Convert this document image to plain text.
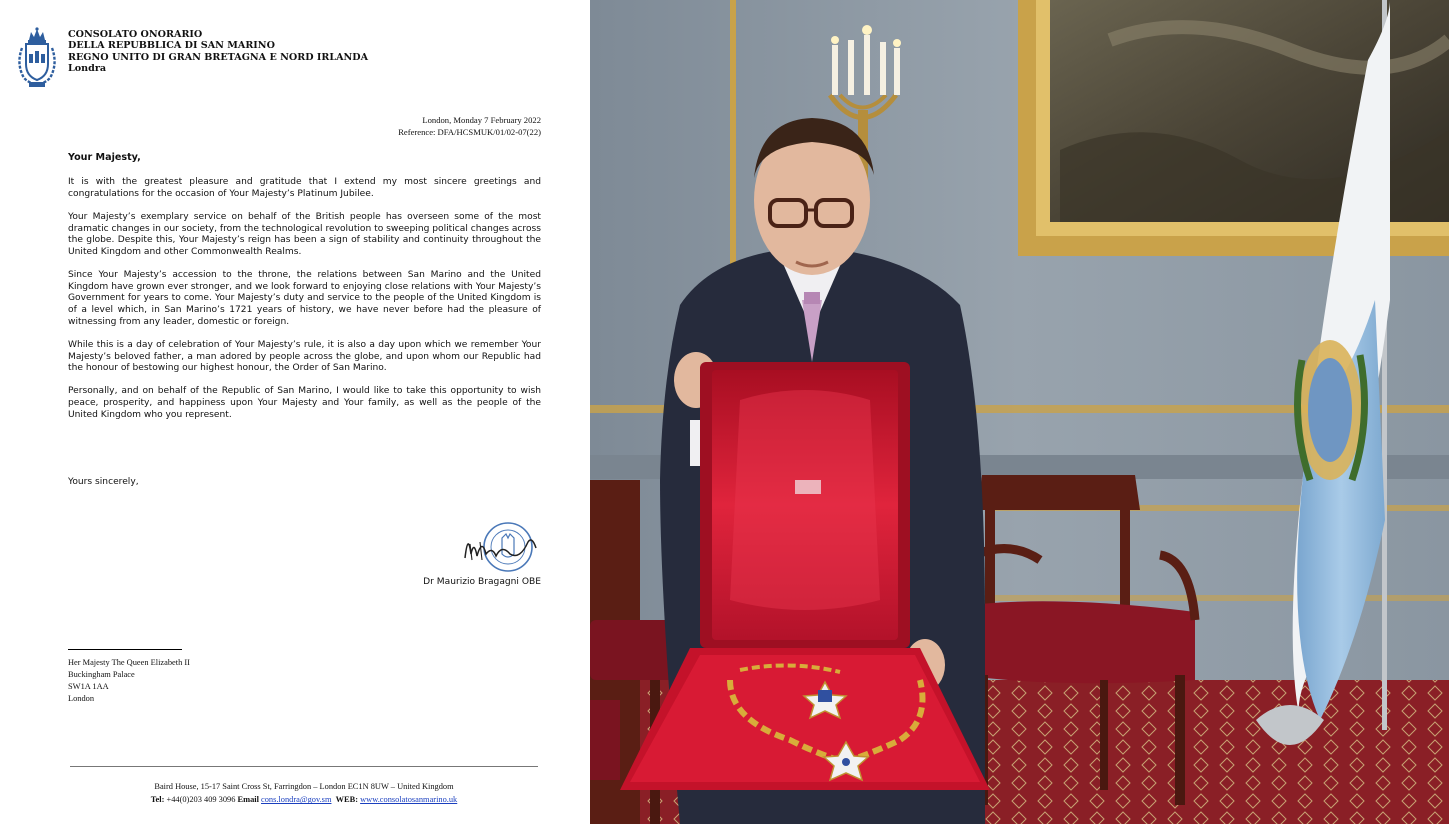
CONSOLATO ONORARIO
DELLA REPUBBLICA DI SAN MARINO
REGNO UNITO DI GRAN BRETAGNA E NORD IRLANDA
Londra
London, Monday 7 February 2022
Reference: DFA/HCSMUK/01/02-07(22)
Your Majesty,

It is with the greatest pleasure and gratitude that I extend my most sincere greetings and congratulations for the occasion of Your Majesty’s Platinum Jubilee.

Your Majesty’s exemplary service on behalf of the British people has overseen some of the most dramatic changes in our society, from the technological revolution to sweeping political changes across the globe. Despite this, Your Majesty’s reign has been a sign of stability and continuity throughout the United Kingdom and other Commonwealth Realms.

Since Your Majesty’s accession to the throne, the relations between San Marino and the United Kingdom have grown ever stronger, and we look forward to enjoying close relations with Your Majesty’s Government for years to come. Your Majesty’s duty and service to the people of the United Kingdom is of a level which, in San Marino’s 1721 years of history, we have never before had the pleasure of witnessing from any leader, domestic or foreign.

While this is a day of celebration of Your Majesty’s rule, it is also a day upon which we remember Your Majesty’s beloved father, a man adored by people across the globe, and upon whom our Republic had the honour of bestowing our highest honour, the Order of San Marino.

Personally, and on behalf of the Republic of San Marino, I would like to take this opportunity to wish peace, prosperity, and happiness upon Your Majesty and Your family, as well as the people of the United Kingdom who you represent.

Yours sincerely,
Dr Maurizio Bragagni OBE
Her Majesty The Queen Elizabeth II
Buckingham Palace
SW1A 1AA
London
Baird House, 15-17 Saint Cross St, Farringdon – London EC1N 8UW – United Kingdom
Tel: +44(0)203 409 3096 Email cons.londra@gov.sm WEB: www.consolatosanmarino.uk
